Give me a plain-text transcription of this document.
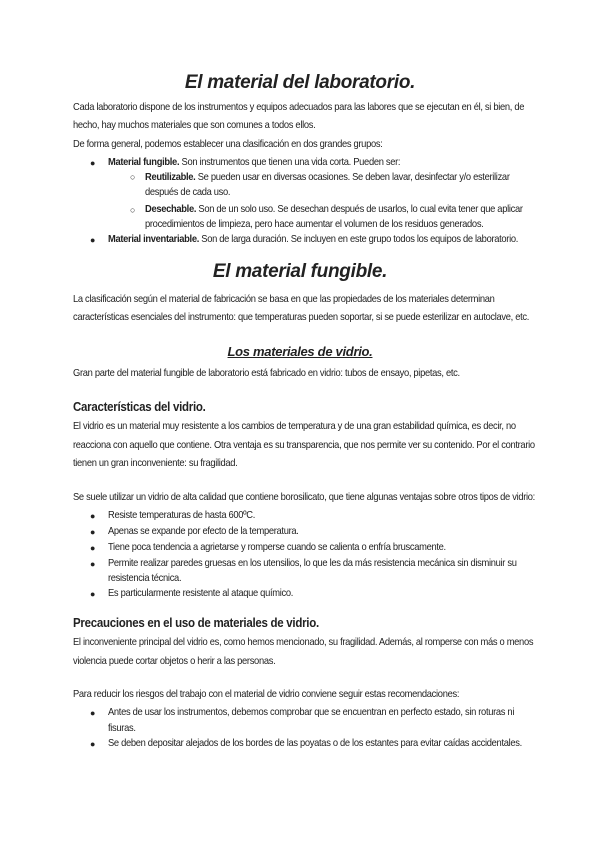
El material del laboratorio.
Cada laboratorio dispone de los instrumentos y equipos adecuados para las labores que se ejecutan en él, si bien, de
hecho, hay muchos materiales que son comunes a todos ellos.
De forma general, podemos establecer una clasificación en dos grandes grupos:
● Material fungible. Son instrumentos que tienen una vida corta. Pueden ser:
○ Reutilizable. Se pueden usar en diversas ocasiones. Se deben lavar, desinfectar y/o esterilizar
después de cada uso.
○ Desechable. Son de un solo uso. Se desechan después de usarlos, lo cual evita tener que aplicar
procedimientos de limpieza, pero hace aumentar el volumen de los residuos generados.
● Material inventariable. Son de larga duración. Se incluyen en este grupo todos los equipos de laboratorio.
El material fungible.
La clasificación según el material de fabricación se basa en que las propiedades de los materiales determinan
características esenciales del instrumento: que temperaturas pueden soportar, si se puede esterilizar en autoclave, etc.
Los materiales de vidrio.
Gran parte del material fungible de laboratorio está fabricado en vidrio: tubos de ensayo, pipetas, etc.
Características del vidrio.
El vidrio es un material muy resistente a los cambios de temperatura y de una gran estabilidad química, es decir, no
reacciona con aquello que contiene. Otra ventaja es su transparencia, que nos permite ver su contenido. Por el contrario
tienen un gran inconveniente: su fragilidad.
Se suele utilizar un vidrio de alta calidad que contiene borosilicato, que tiene algunas ventajas sobre otros tipos de vidrio:
● Resiste temperaturas de hasta 600ºC.
● Apenas se expande por efecto de la temperatura.
● Tiene poca tendencia a agrietarse y romperse cuando se calienta o enfría bruscamente.
● Permite realizar paredes gruesas en los utensilios, lo que les da más resistencia mecánica sin disminuir su
resistencia técnica.
● Es particularmente resistente al ataque químico.
Precauciones en el uso de materiales de vidrio.
El inconveniente principal del vidrio es, como hemos mencionado, su fragilidad. Además, al romperse con más o menos
violencia puede cortar objetos o herir a las personas.
Para reducir los riesgos del trabajo con el material de vidrio conviene seguir estas recomendaciones:
● Antes de usar los instrumentos, debemos comprobar que se encuentran en perfecto estado, sin roturas ni
fisuras.
● Se deben depositar alejados de los bordes de las poyatas o de los estantes para evitar caídas accidentales.
